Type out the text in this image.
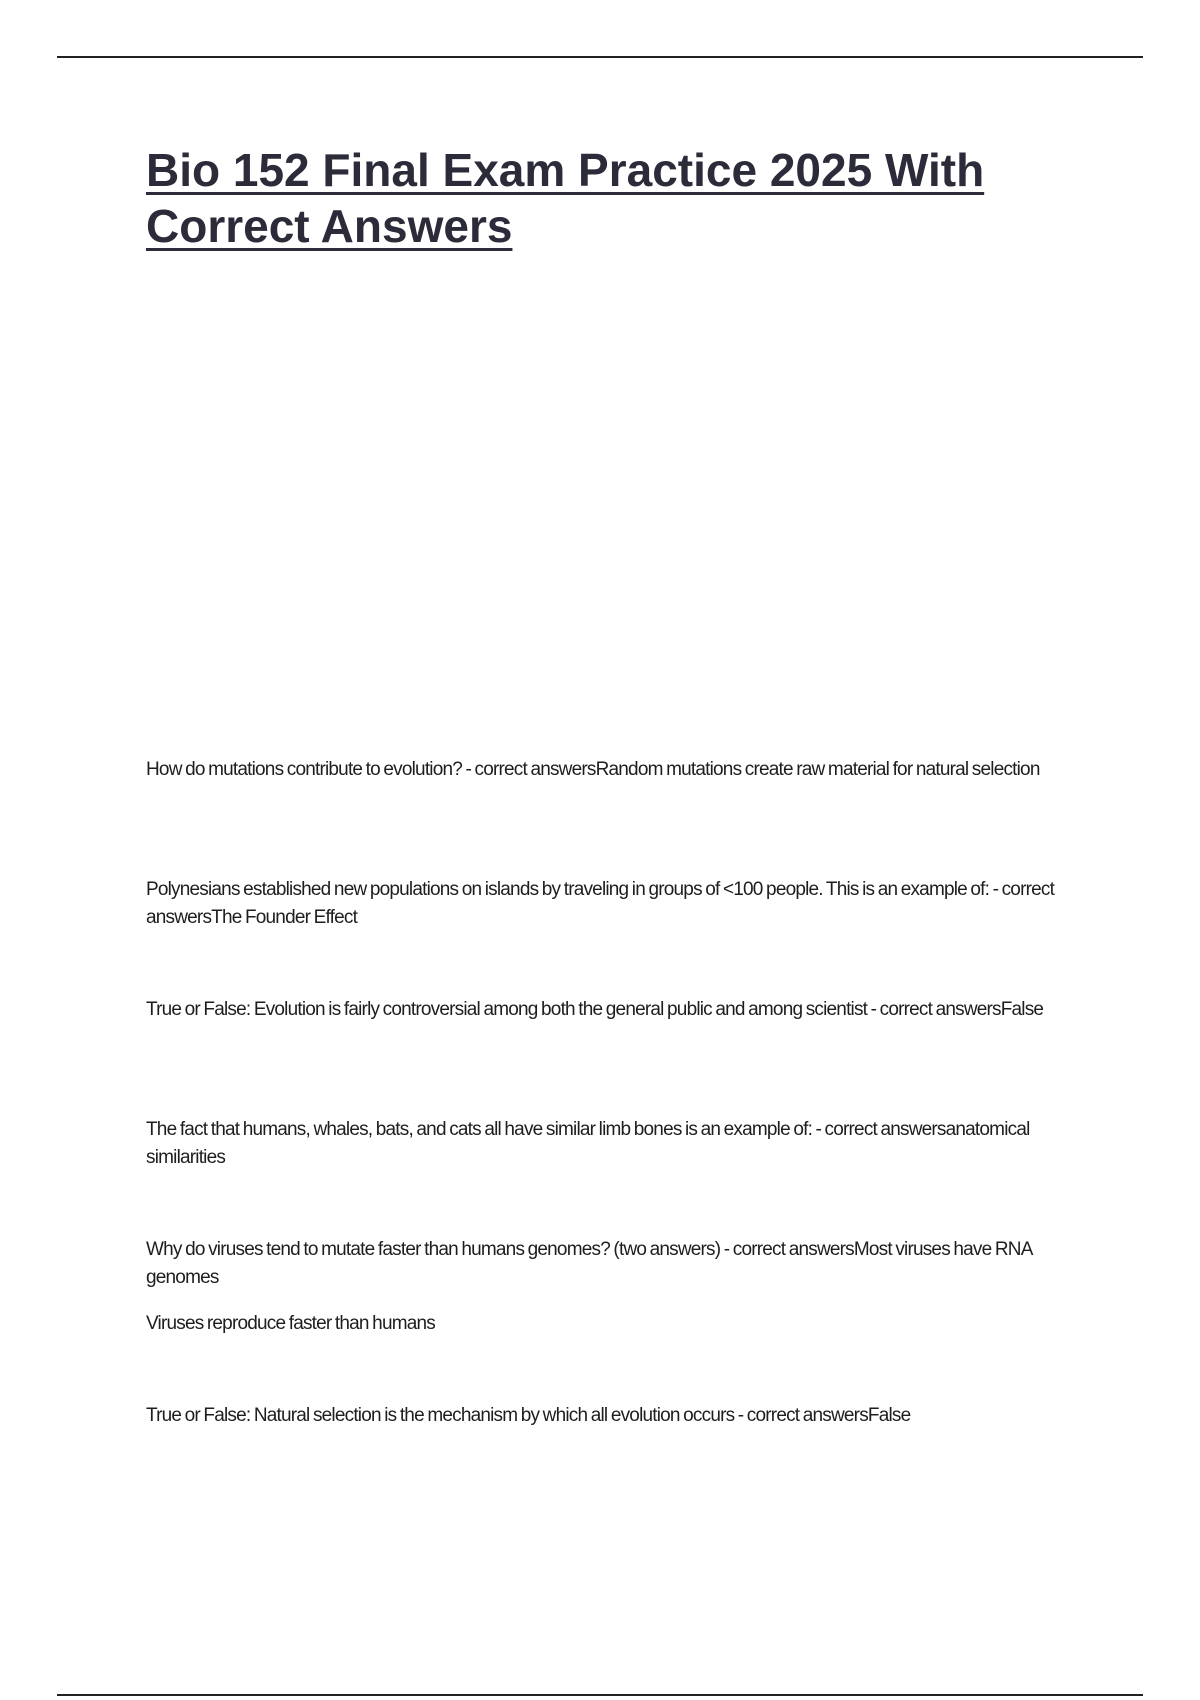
Bio 152 Final Exam Practice 2025 With Correct Answers

How do mutations contribute to evolution? - correct answersRandom mutations create raw material for natural selection

Polynesians established new populations on islands by traveling in groups of <100 people. This is an example of: - correct answersThe Founder Effect

True or False: Evolution is fairly controversial among both the general public and among scientist - correct answersFalse

The fact that humans, whales, bats, and cats all have similar limb bones is an example of: - correct answersanatomical similarities

Why do viruses tend to mutate faster than humans genomes? (two answers) - correct answersMost viruses have RNA genomes

Viruses reproduce faster than humans

True or False: Natural selection is the mechanism by which all evolution occurs - correct answersFalse
